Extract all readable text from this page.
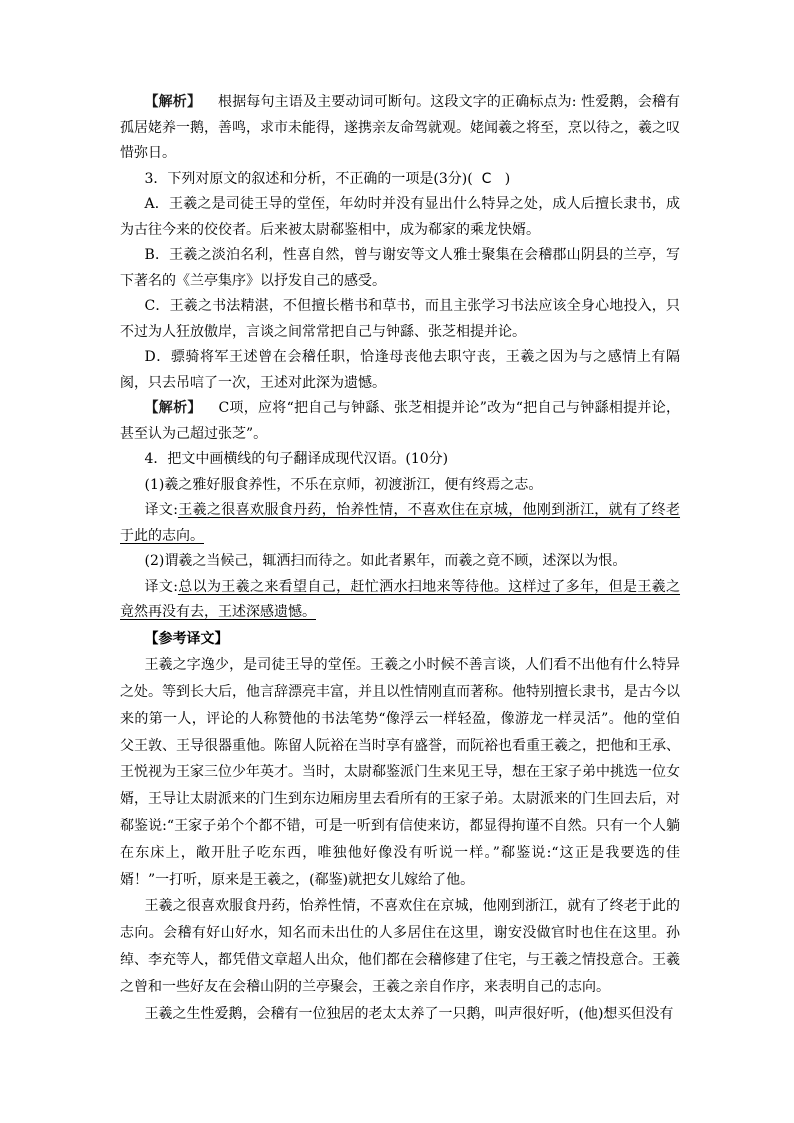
【解析】 根据每句主语及主要动词可断句。这段文字的正确标点为: 性爱鹅，会稽有孤居姥养一鹅，善鸣，求市未能得，遂携亲友命驾就观。姥闻羲之将至，烹以待之，羲之叹惜弥日。

3．下列对原文的叙述和分析，不正确的一项是(3分)( C )

A．王羲之是司徒王导的堂侄，年幼时并没有显出什么特异之处，成人后擅长隶书，成为古往今来的佼佼者。后来被太尉郗鉴相中，成为郗家的乘龙快婿。

B．王羲之淡泊名利，性喜自然，曾与谢安等文人雅士聚集在会稽郡山阴县的兰亭，写下著名的《兰亭集序》以抒发自己的感受。

C．王羲之书法精湛，不但擅长楷书和草书，而且主张学习书法应该全身心地投入，只不过为人狂放傲岸，言谈之间常常把自己与钟繇、张芝相提并论。

D．骠骑将军王述曾在会稽任职，恰逢母丧他去职守丧，王羲之因为与之感情上有隔阂，只去吊唁了一次，王述对此深为遗憾。

【解析】 C项，应将“把自己与钟繇、张芝相提并论”改为“把自己与钟繇相提并论，甚至认为己超过张芝”。

4．把文中画横线的句子翻译成现代汉语。(10分)

(1)羲之雅好服食养性，不乐在京师，初渡浙江，便有终焉之志。

译文:王羲之很喜欢服食丹药，怡养性情，不喜欢住在京城，他刚到浙江，就有了终老于此的志向。

(2)谓羲之当候己，辄洒扫而待之。如此者累年，而羲之竟不顾，述深以为恨。

译文:总以为王羲之来看望自己，赶忙洒水扫地来等待他。这样过了多年，但是王羲之竟然再没有去，王述深感遗憾。

【参考译文】

王羲之字逸少，是司徒王导的堂侄。王羲之小时候不善言谈，人们看不出他有什么特异之处。等到长大后，他言辞漂亮丰富，并且以性情刚直而著称。他特别擅长隶书，是古今以来的第一人，评论的人称赞他的书法笔势“像浮云一样轻盈，像游龙一样灵活”。他的堂伯父王敦、王导很器重他。陈留人阮裕在当时享有盛誉，而阮裕也看重王羲之，把他和王承、王悦视为王家三位少年英才。当时，太尉郗鉴派门生来见王导，想在王家子弟中挑选一位女婿，王导让太尉派来的门生到东边厢房里去看所有的王家子弟。太尉派来的门生回去后，对郗鉴说:“王家子弟个个都不错，可是一听到有信使来访，都显得拘谨不自然。只有一个人躺在东床上，敞开肚子吃东西，唯独他好像没有听说一样。”郗鉴说:“这正是我要选的佳婿！”一打听，原来是王羲之，(郗鉴)就把女儿嫁给了他。

王羲之很喜欢服食丹药，怡养性情，不喜欢住在京城，他刚到浙江，就有了终老于此的志向。会稽有好山好水，知名而未出仕的人多居住在这里，谢安没做官时也住在这里。孙绰、李充等人，都凭借文章超人出众，他们都在会稽修建了住宅，与王羲之情投意合。王羲之曾和一些好友在会稽山阴的兰亭聚会，王羲之亲自作序，来表明自己的志向。

王羲之生性爱鹅，会稽有一位独居的老太太养了一只鹅，叫声很好听，(他)想买但没有
